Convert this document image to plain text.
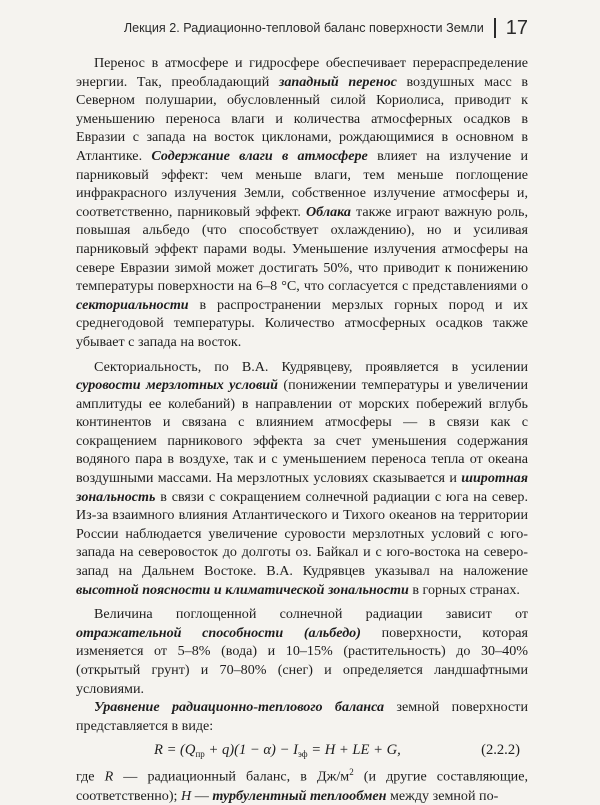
Лекция 2. Радиационно-тепловой баланс поверхности Земли 17

Перенос в атмосфере и гидросфере обеспечивает перераспределение энергии. Так, преобладающий западный перенос воздушных масс в Северном полушарии, обусловленный силой Кориолиса, приводит к уменьшению переноса влаги и количества атмосферных осадков в Евразии с запада на восток циклонами, рождающимися в основном в Атлантике. Содержание влаги в атмосфере влияет на излучение и парниковый эффект: чем меньше влаги, тем меньше поглощение инфракрасного излучения Земли, собственное излучение атмосферы и, соответственно, парниковый эффект. Облака также играют важную роль, повышая альбедо (что способствует охлаждению), но и усиливая парниковый эффект парами воды. Уменьшение излучения атмосферы на севере Евразии зимой может достигать 50%, что приводит к понижению температуры поверхности на 6–8 °С, что согласуется с представлениями о секториальности в распространении мерзлых горных пород и их среднегодовой температуры. Количество атмосферных осадков также убывает с запада на восток.

Секториальность, по В.А. Кудрявцеву, проявляется в усилении суровости мерзлотных условий (понижении температуры и увеличении амплитуды ее колебаний) в направлении от морских побережий вглубь континентов и связана с влиянием атмосферы — в связи как с сокращением парникового эффекта за счет уменьшения содержания водяного пара в воздухе, так и с уменьшением переноса тепла от океана воздушными массами. На мерзлотных условиях сказывается и широтная зональность в связи с сокращением солнечной радиации с юга на север. Из-за взаимного влияния Атлантического и Тихого океанов на территории России наблюдается увеличение суровости мерзлотных условий с юго-запада на северовосток до долготы оз. Байкал и с юго-востока на северо-запад на Дальнем Востоке. В.А. Кудрявцев указывал на наложение высотной поясности и климатической зональности в горных странах.

Величина поглощенной солнечной радиации зависит от отражательной способности (альбедо) поверхности, которая изменяется от 5–8% (вода) и 10–15% (растительность) до 30–40% (открытый грунт) и 70–80% (снег) и определяется ландшафтными условиями.

Уравнение радиационно-теплового баланса земной поверхности представляется в виде:

$R = (Q_{пр} + q)(1 - \alpha) - I_{эф} = H$ + LE + G,	(2.2.2)

где R — радиационный баланс, в $Дж/м^2$ (и другие составляющие, соответственно); H — турбулентный теплообмен между земной по-
